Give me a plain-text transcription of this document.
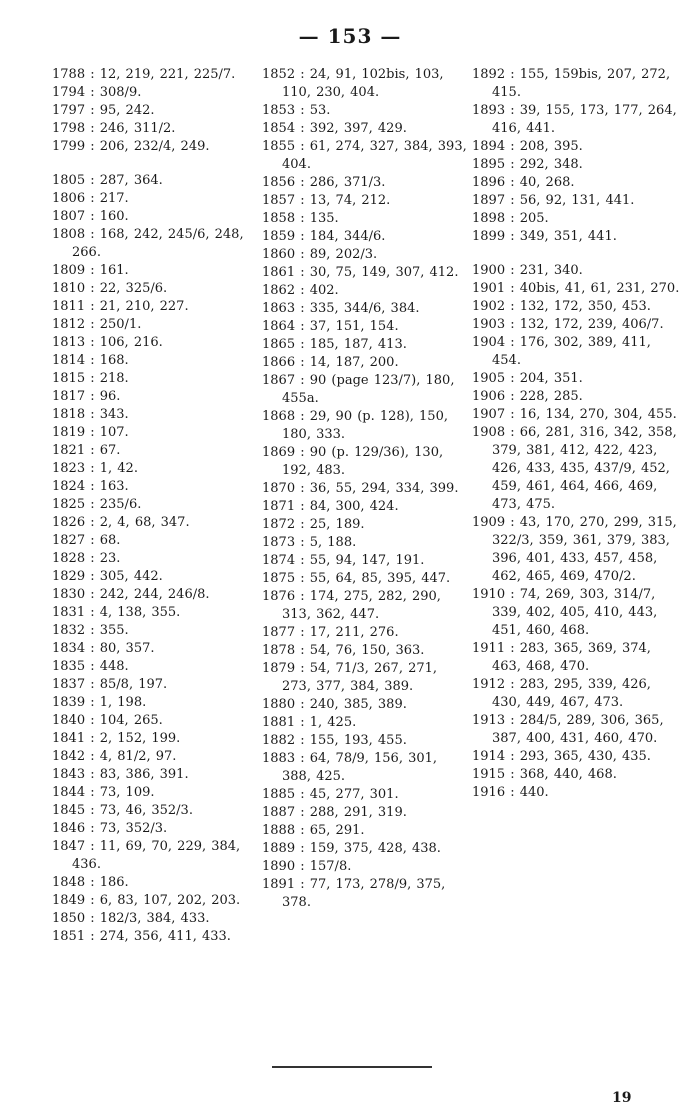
— 153 —
1788 : 12, 219, 221, 225/7.
1794 : 308/9.
1797 : 95, 242.
1798 : 246, 311/2.
1799 : 206, 232/4, 249.
1805 : 287, 364.
1806 : 217.
1807 : 160.
1808 : 168, 242, 245/6, 248, 266.
1809 : 161.
1810 : 22, 325/6.
1811 : 21, 210, 227.
1812 : 250/1.
1813 : 106, 216.
1814 : 168.
1815 : 218.
1817 : 96.
1818 : 343.
1819 : 107.
1821 : 67.
1823 : 1, 42.
1824 : 163.
1825 : 235/6.
1826 : 2, 4, 68, 347.
1827 : 68.
1828 : 23.
1829 : 305, 442.
1830 : 242, 244, 246/8.
1831 : 4, 138, 355.
1832 : 355.
1834 : 80, 357.
1835 : 448.
1837 : 85/8, 197.
1839 : 1, 198.
1840 : 104, 265.
1841 : 2, 152, 199.
1842 : 4, 81/2, 97.
1843 : 83, 386, 391.
1844 : 73, 109.
1845 : 73, 46, 352/3.
1846 : 73, 352/3.
1847 : 11, 69, 70, 229, 384, 436.
1848 : 186.
1849 : 6, 83, 107, 202, 203.
1850 : 182/3, 384, 433.
1851 : 274, 356, 411, 433.
1852 : 24, 91, 102bis, 103, 110, 230, 404.
1853 : 53.
1854 : 392, 397, 429.
1855 : 61, 274, 327, 384, 393, 404.
1856 : 286, 371/3.
1857 : 13, 74, 212.
1858 : 135.
1859 : 184, 344/6.
1860 : 89, 202/3.
1861 : 30, 75, 149, 307, 412.
1862 : 402.
1863 : 335, 344/6, 384.
1864 : 37, 151, 154.
1865 : 185, 187, 413.
1866 : 14, 187, 200.
1867 : 90 (page 123/7), 180, 455a.
1868 : 29, 90 (p. 128), 150, 180, 333.
1869 : 90 (p. 129/36), 130, 192, 483.
1870 : 36, 55, 294, 334, 399.
1871 : 84, 300, 424.
1872 : 25, 189.
1873 : 5, 188.
1874 : 55, 94, 147, 191.
1875 : 55, 64, 85, 395, 447.
1876 : 174, 275, 282, 290, 313, 362, 447.
1877 : 17, 211, 276.
1878 : 54, 76, 150, 363.
1879 : 54, 71/3, 267, 271, 273, 377, 384, 389.
1880 : 240, 385, 389.
1881 : 1, 425.
1882 : 155, 193, 455.
1883 : 64, 78/9, 156, 301, 388, 425.
1885 : 45, 277, 301.
1887 : 288, 291, 319.
1888 : 65, 291.
1889 : 159, 375, 428, 438.
1890 : 157/8.
1891 : 77, 173, 278/9, 375, 378.
1892 : 155, 159bis, 207, 272, 415.
1893 : 39, 155, 173, 177, 264, 416, 441.
1894 : 208, 395.
1895 : 292, 348.
1896 : 40, 268.
1897 : 56, 92, 131, 441.
1898 : 205.
1899 : 349, 351, 441.
1900 : 231, 340.
1901 : 40bis, 41, 61, 231, 270.
1902 : 132, 172, 350, 453.
1903 : 132, 172, 239, 406/7.
1904 : 176, 302, 389, 411, 454.
1905 : 204, 351.
1906 : 228, 285.
1907 : 16, 134, 270, 304, 455.
1908 : 66, 281, 316, 342, 358, 379, 381, 412, 422, 423, 426, 433, 435, 437/9, 452, 459, 461, 464, 466, 469, 473, 475.
1909 : 43, 170, 270, 299, 315, 322/3, 359, 361, 379, 383, 396, 401, 433, 457, 458, 462, 465, 469, 470/2.
1910 : 74, 269, 303, 314/7, 339, 402, 405, 410, 443, 451, 460, 468.
1911 : 283, 365, 369, 374, 463, 468, 470.
1912 : 283, 295, 339, 426, 430, 449, 467, 473.
1913 : 284/5, 289, 306, 365, 387, 400, 431, 460, 470.
1914 : 293, 365, 430, 435.
1915 : 368, 440, 468.
1916 : 440.
19
